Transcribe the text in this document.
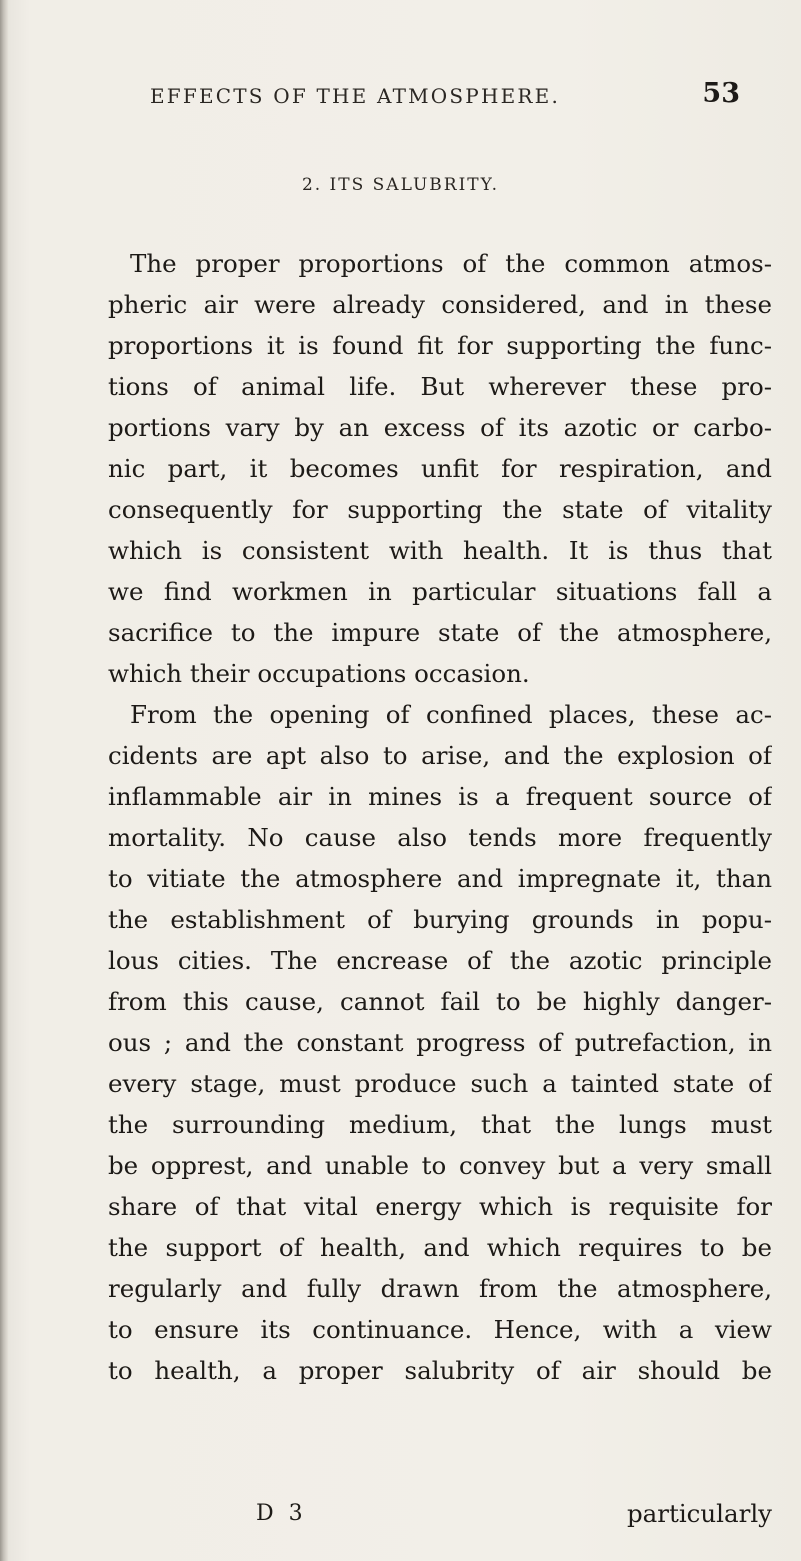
EFFECTS OF THE ATMOSPHERE.	53
2. ITS SALUBRITY.
The proper proportions of the common atmos-
pheric air were already considered, and in these
proportions it is found fit for supporting the func-
tions of animal life. But wherever these pro-
portions vary by an excess of its azotic or carbo-
nic part, it becomes unfit for respiration, and
consequently for supporting the state of vitality
which is consistent with health. It is thus that
we find workmen in particular situations fall a
sacrifice to the impure state of the atmosphere,
which their occupations occasion.
From the opening of confined places, these ac-
cidents are apt also to arise, and the explosion of
inflammable air in mines is a frequent source of
mortality. No cause also tends more frequently
to vitiate the atmosphere and impregnate it, than
the establishment of burying grounds in popu-
lous cities. The encrease of the azotic principle
from this cause, cannot fail to be highly danger-
ous ; and the constant progress of putrefaction, in
every stage, must produce such a tainted state of
the surrounding medium, that the lungs must
be opprest, and unable to convey but a very small
share of that vital energy which is requisite for
the support of health, and which requires to be
regularly and fully drawn from the atmosphere,
to ensure its continuance. Hence, with a view
to health, a proper salubrity of air should be
D 3	particularly
